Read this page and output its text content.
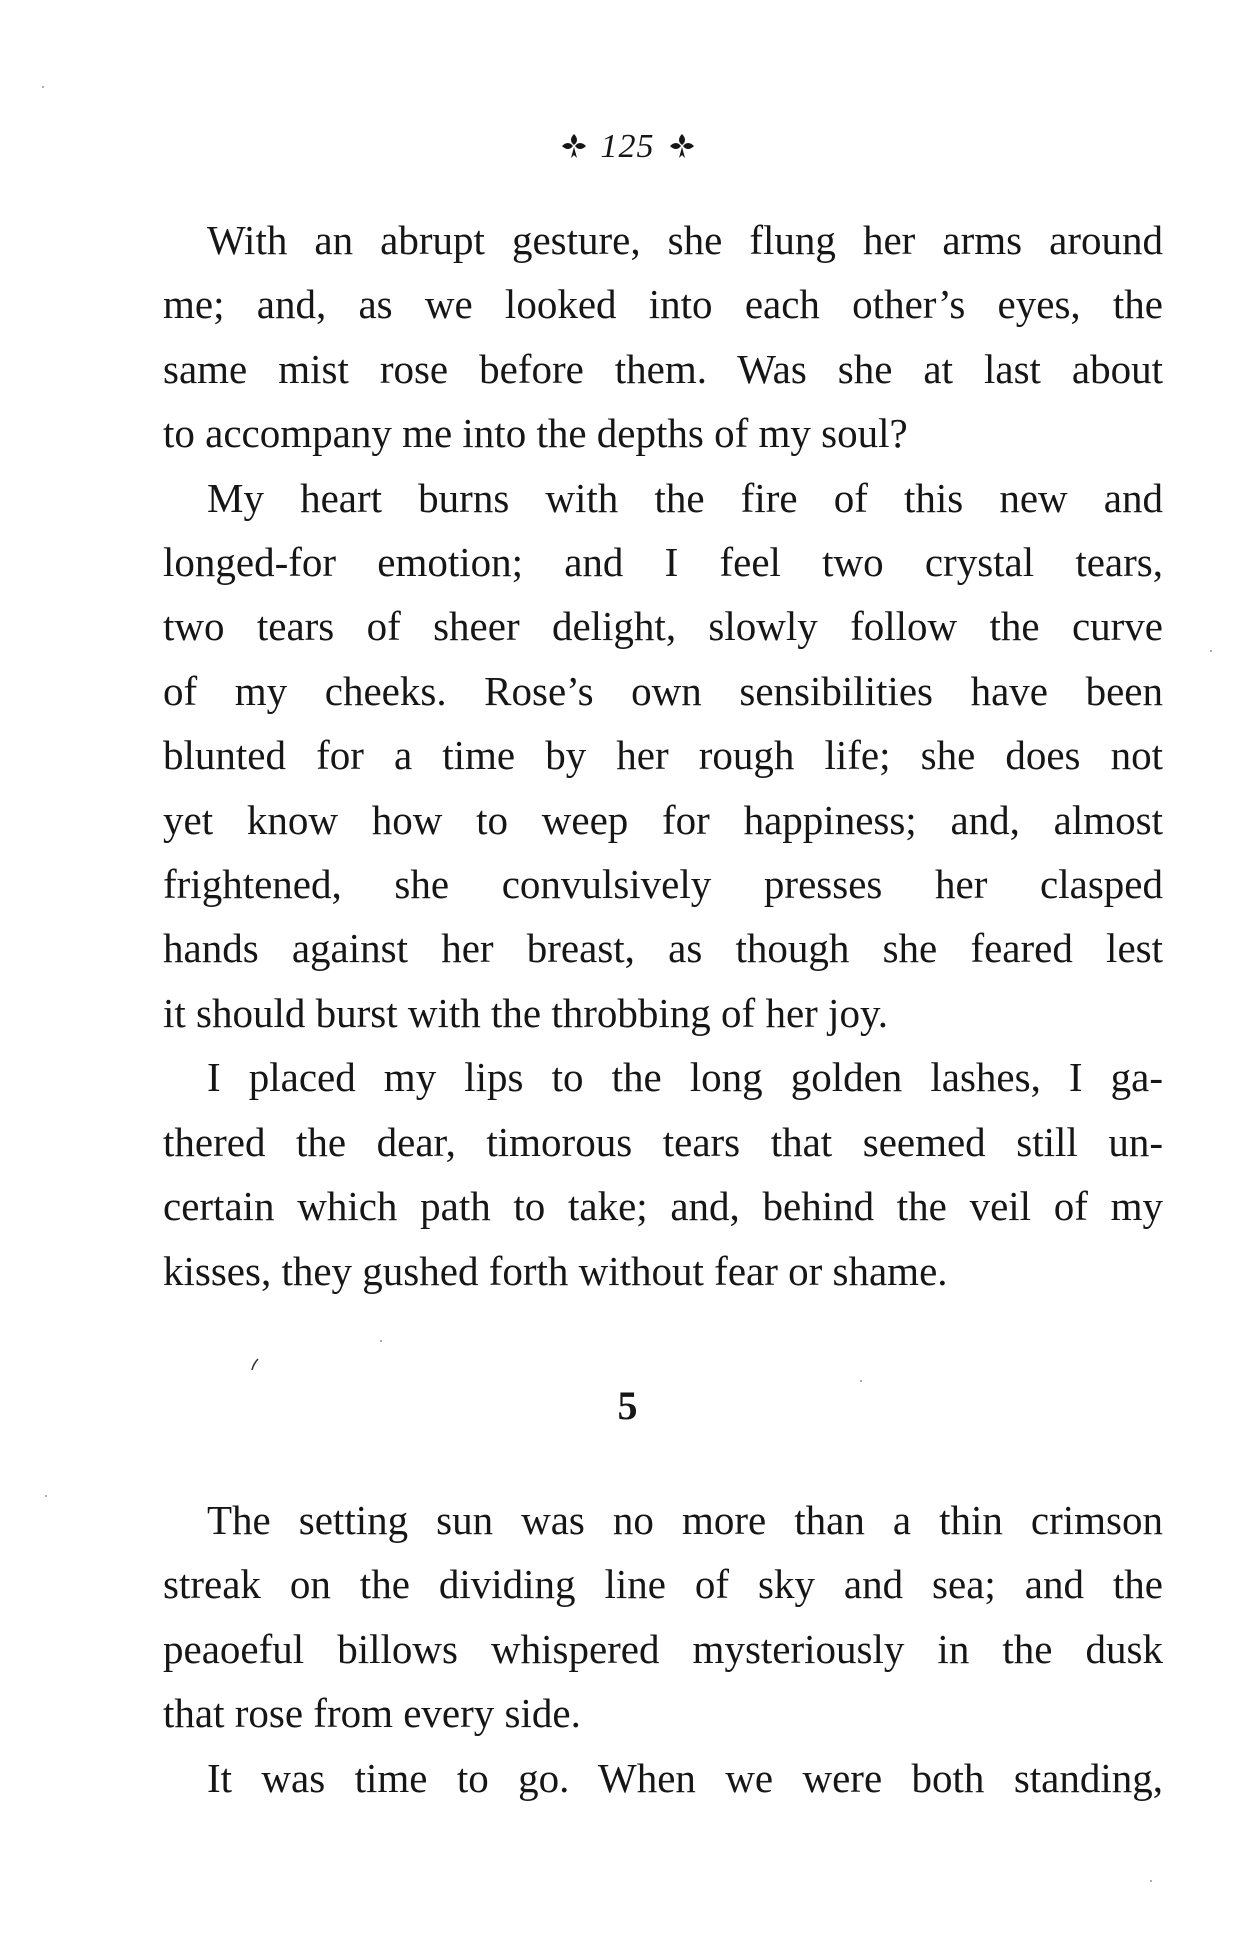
125
With an abrupt gesture, she flung her arms around
me; and, as we looked into each other’s eyes, the
same mist rose before them. Was she at last about
to accompany me into the depths of my soul?
My heart burns with the fire of this new and
longed-for emotion; and I feel two crystal tears,
two tears of sheer delight, slowly follow the curve
of my cheeks. Rose’s own sensibilities have been
blunted for a time by her rough life; she does not
yet know how to weep for happiness; and, almost
frightened, she convulsively presses her clasped
hands against her breast, as though she feared lest
it should burst with the throbbing of her joy.
I placed my lips to the long golden lashes, I ga-
thered the dear, timorous tears that seemed still un-
certain which path to take; and, behind the veil of my
kisses, they gushed forth without fear or shame.
5
The setting sun was no more than a thin crimson
streak on the dividing line of sky and sea; and the
peaoeful billows whispered mysteriously in the dusk
that rose from every side.
It was time to go. When we were both standing,
